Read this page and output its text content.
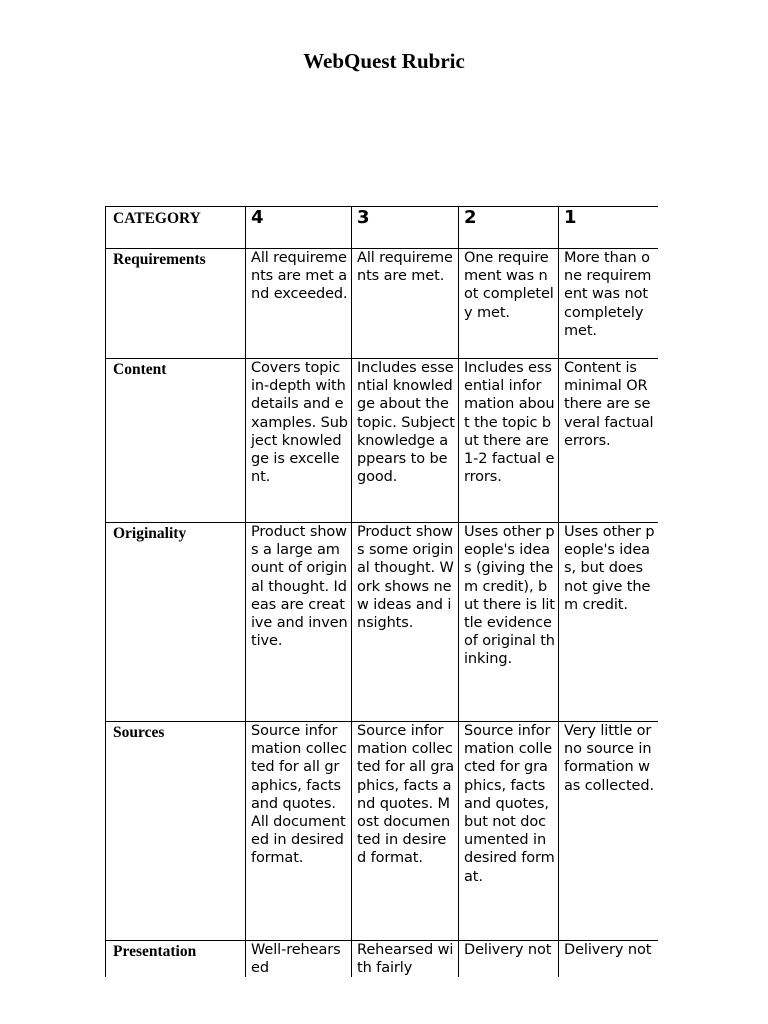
WebQuest Rubric
CATEGORY	4	3	2	1

Requirements	All requirements are met and exceeded.	All requirements are met.	One requirement was not completely met.	More than one requirement was not completely met.

Content	Covers topic in-depth with details and examples. Subject knowledge is excellent.	Includes essential knowledge about the topic. Subject knowledge appears to be good.	Includes essential information about the topic but there are 1-2 factual errors.	Content is minimal OR there are several factual errors.

Originality	Product shows a large amount of original thought. Ideas are creative and inventive.	Product shows some original thought. Work shows new ideas and insights.	Uses other people's ideas (giving them credit), but there is little evidence of original thinking.	Uses other people's ideas, but does not give them credit.

Sources	Source information collected for all graphics, facts and quotes. All documented in desired format.	Source information collected for all graphics, facts and quotes. Most documented in desired format.	Source information collected for graphics, facts and quotes, but not documented in desired format.	Very little or no source information was collected.

Presentation	Well-rehearsed	Rehearsed with fairly	Delivery not	Delivery not
